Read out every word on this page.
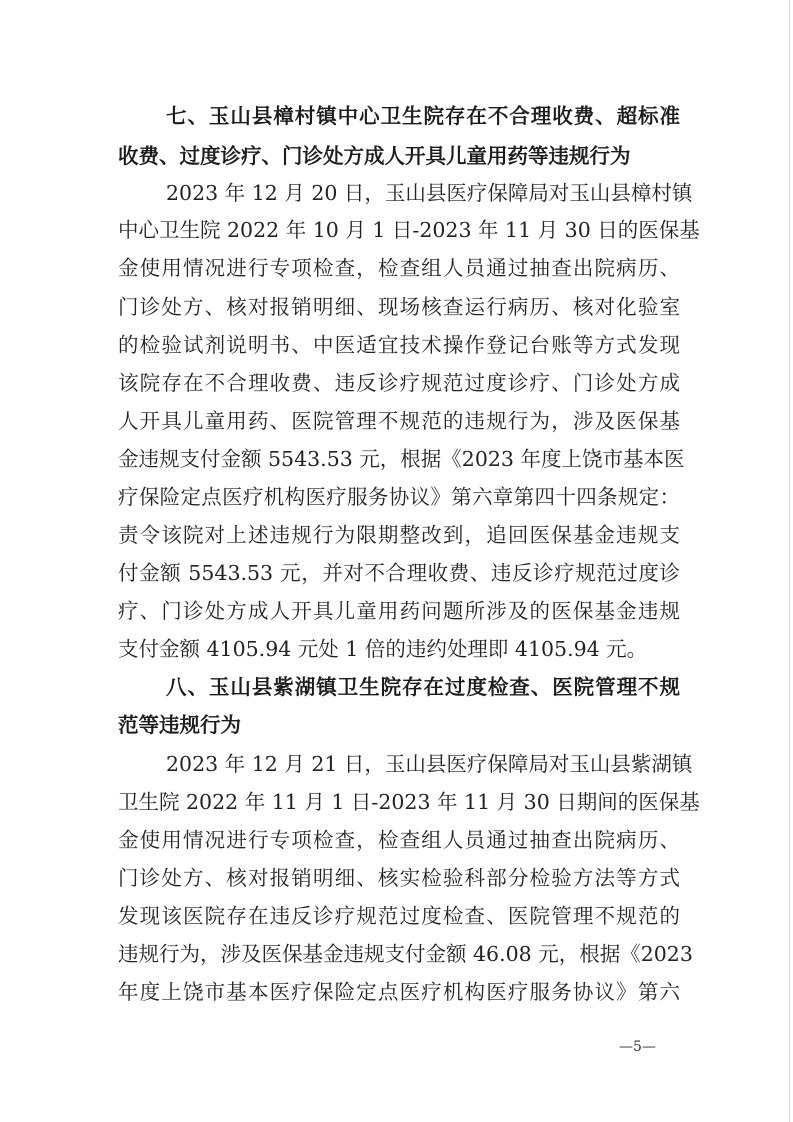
七、玉山县樟村镇中心卫生院存在不合理收费、超标准
收费、过度诊疗、门诊处方成人开具儿童用药等违规行为
2023 年 12 月 20 日，玉山县医疗保障局对玉山县樟村镇
中心卫生院 2022 年 10 月 1 日-2023 年 11 月 30 日的医保基
金使用情况进行专项检查，检查组人员通过抽查出院病历、
门诊处方、核对报销明细、现场核查运行病历、核对化验室
的检验试剂说明书、中医适宜技术操作登记台账等方式发现
该院存在不合理收费、违反诊疗规范过度诊疗、门诊处方成
人开具儿童用药、医院管理不规范的违规行为，涉及医保基
金违规支付金额 5543.53 元，根据《2023 年度上饶市基本医
疗保险定点医疗机构医疗服务协议》第六章第四十四条规定：
责令该院对上述违规行为限期整改到，追回医保基金违规支
付金额 5543.53 元，并对不合理收费、违反诊疗规范过度诊
疗、门诊处方成人开具儿童用药问题所涉及的医保基金违规
支付金额 4105.94 元处 1 倍的违约处理即 4105.94 元。
八、玉山县紫湖镇卫生院存在过度检查、医院管理不规
范等违规行为
2023 年 12 月 21 日，玉山县医疗保障局对玉山县紫湖镇
卫生院 2022 年 11 月 1 日-2023 年 11 月 30 日期间的医保基
金使用情况进行专项检查，检查组人员通过抽查出院病历、
门诊处方、核对报销明细、核实检验科部分检验方法等方式
发现该医院存在违反诊疗规范过度检查、医院管理不规范的
违规行为，涉及医保基金违规支付金额 46.08 元，根据《2023
年度上饶市基本医疗保险定点医疗机构医疗服务协议》第六
—5—
